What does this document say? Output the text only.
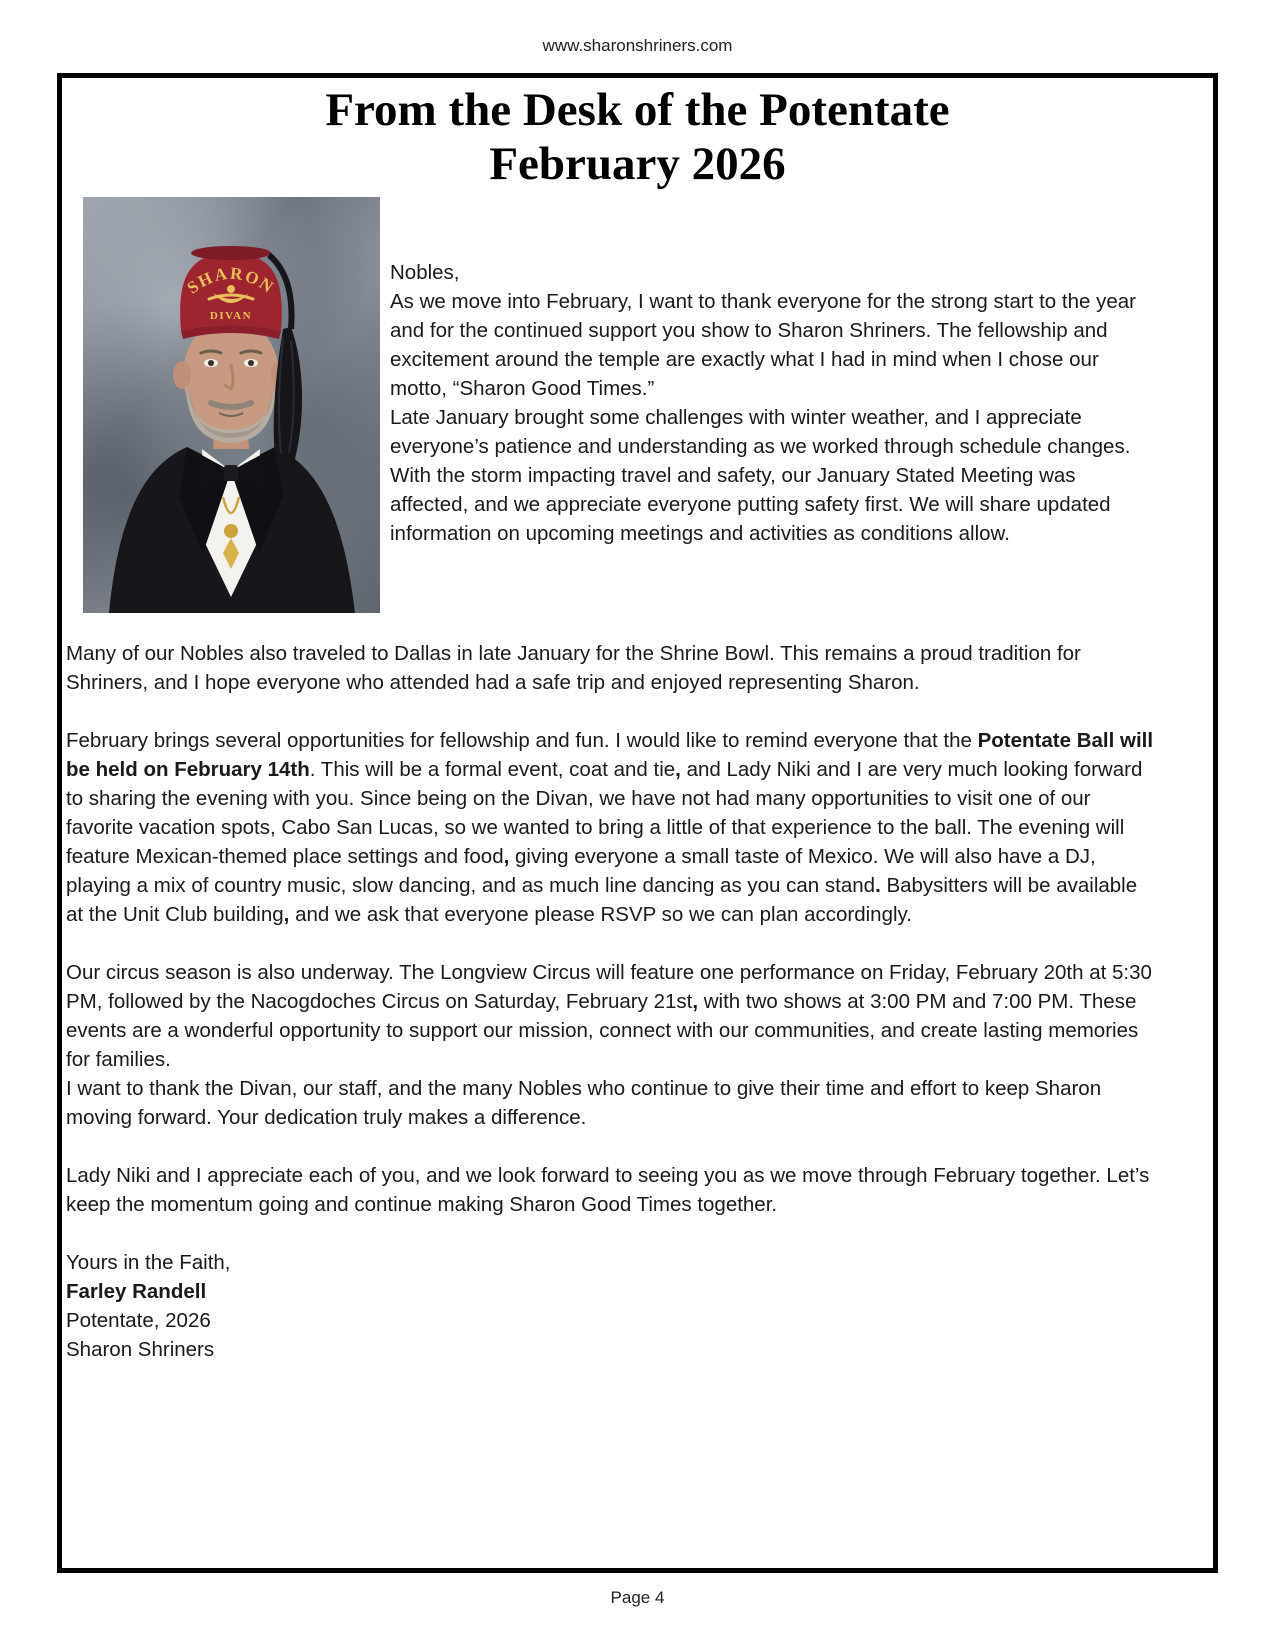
www.sharonshriners.com
From the Desk of the Potentate
February 2026
SHARON
DIVAN

Nobles,

As we move into February, I want to thank everyone for the strong start to the year and for the continued support you show to Sharon Shriners. The fellowship and excitement around the temple are exactly what I had in mind when I chose our motto, “Sharon Good Times.”

Late January brought some challenges with winter weather, and I appreciate everyone’s patience and understanding as we worked through schedule changes. With the storm impacting travel and safety, our January Stated Meeting was affected, and we appreciate everyone putting safety first. We will share updated information on upcoming meetings and activities as conditions allow.

Many of our Nobles also traveled to Dallas in late January for the Shrine Bowl. This remains a proud tradition for Shriners, and I hope everyone who attended had a safe trip and enjoyed representing Sharon.

February brings several opportunities for fellowship and fun. I would like to remind everyone that the Potentate Ball will be held on February 14th. This will be a formal event, coat and tie, and Lady Niki and I are very much looking forward to sharing the evening with you. Since being on the Divan, we have not had many opportunities to visit one of our favorite vacation spots, Cabo San Lucas, so we wanted to bring a little of that experience to the ball. The evening will feature Mexican-themed place settings and food, giving everyone a small taste of Mexico. We will also have a DJ, playing a mix of country music, slow dancing, and as much line dancing as you can stand. Babysitters will be available at the Unit Club building, and we ask that everyone please RSVP so we can plan accordingly.

Our circus season is also underway. The Longview Circus will feature one performance on Friday, February 20th at 5:30 PM, followed by the Nacogdoches Circus on Saturday, February 21st, with two shows at 3:00 PM and 7:00 PM. These events are a wonderful opportunity to support our mission, connect with our communities, and create lasting memories for families.

I want to thank the Divan, our staff, and the many Nobles who continue to give their time and effort to keep Sharon moving forward. Your dedication truly makes a difference.

Lady Niki and I appreciate each of you, and we look forward to seeing you as we move through February together. Let’s keep the momentum going and continue making Sharon Good Times together.

Yours in the Faith,

Farley Randell

Potentate, 2026

Sharon Shriners

Page 4
